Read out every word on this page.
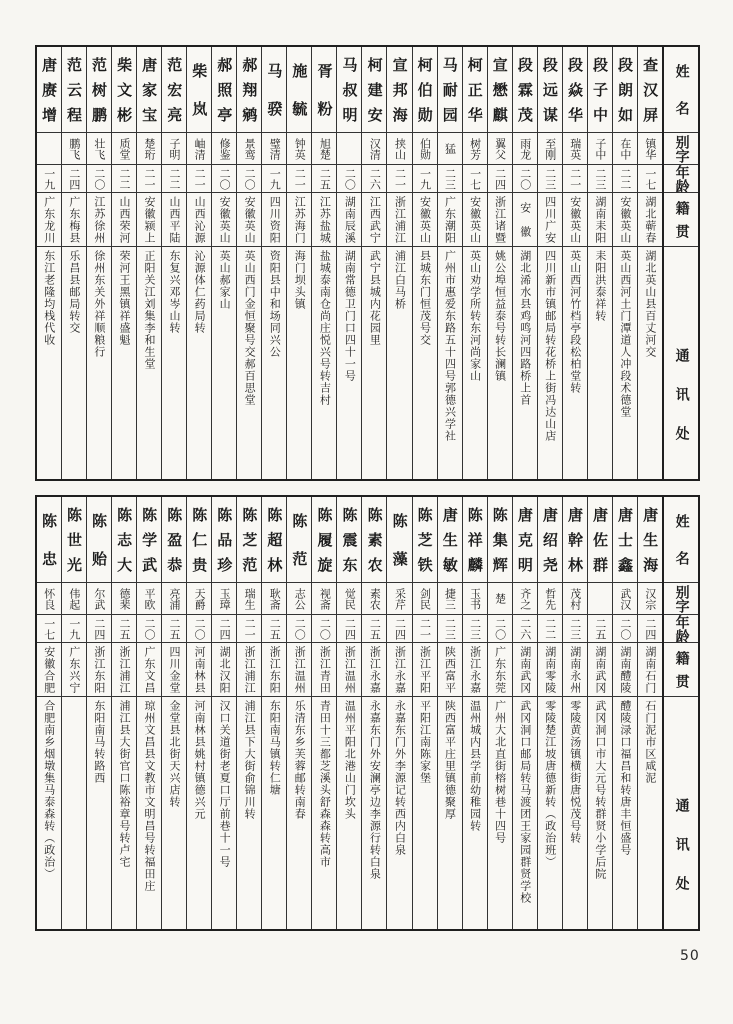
姓
名
别
字
年
龄
籍
贯
通
讯
处
查
汉
屏
镇华
一七
湖
北
蕲
春
湖北英山县百丈河交
段
朗
如
在中
二二
安
徽
英
山
英山西河土门潭道人冲段术德堂
段
子
中
子中
二三
湖
南
耒
阳
耒阳洪泰祥转
段
焱
华
瑞英
二一
安
徽
英
山
英山西河竹档亭段松柏堂转
段
远
谋
至刚
二三
四
川
广
安
四川新市镇邮局转花桥上街冯达山店
段
霖
茂
雨龙
二〇
安
徽
湖北浠水县鸡鸣河四路桥上首
宣
懋
麒
翼父
二四
浙
江
诸
暨
姚公埠恒益泰号转长澜镇
柯
正
华
树芳
一七
安
徽
英
山
英山劝学所转东河尚家山
马
耐
园
猛
二三
广
东
潮
阳
广州市惠爱东路五十四号郭德兴学社
柯
伯
勋
伯勋
一九
安
徽
英
山
县城东门恒茂号交
宣
邦
海
挟山
二一
浙
江
浦
江
浦江白马桥
柯
建
安
汉清
二六
江
西
武
宁
武宁县城内花园里
马
叔
明
二〇
湖
南
辰
溪
湖南常德卫门口四十一号
胥
粉
旭楚
二五
江
苏
盐
城
盐城泰南仓尚庄悦兴号转吉村
施
毓
钟英
二一
江
苏
海
门
海门坝头镇
马
骙
璧清
一九
四
川
资
阳
资阳县中和场同兴公
郝
翔
鹓
景鸾
二〇
安
徽
英
山
英山西门金恒聚号交郝百思堂
郝
照
亭
修鉴
二〇
安
徽
英
山
英山郝家山
柴
岚
岫清
二一
山
西
沁
源
沁源体仁药局转
范
宏
亮
子明
二二
山
西
平
陆
东复兴邓岑山转
唐
家
宝
楚珩
二一
安
徽
颍
上
正阳关江刘集李和生堂
柴
文
彬
质堂
二二
山
西
荣
河
荣河王黑镇祥盛魁
范
树
鹏
壮飞
二〇
江
苏
徐
州
徐州东关外祥顺粮行
范
云
程
鹏飞
二四
广
东
梅
县
乐昌县邮局转交
唐
赓
增
一九
广
东
龙
川
东江老隆均栈代收
姓
名
别
字
年
龄
籍
贯
通
讯
处
唐
生
海
汉宗
二四
湖
南
石
门
石门泥市区咸泥
唐
士
鑫
武汉
二〇
湖
南
醴
陵
醴陵渌口福昌和转唐丰恒盛号
唐
佐
群
二五
湖
南
武
冈
武冈洞口市大元号转群贤小学后院
唐
幹
林
茂村
二三
湖
南
永
州
零陵黄汤镇横街唐悦茂号转
唐
绍
尧
哲先
二二
湖
南
零
陵
零陵楚江坡唐德新转︵政治班︶
唐
克
明
齐之
二六
湖
南
武
冈
武冈洞口邮局转马渡团王家园群贤学校
陈
集
辉
楚
二〇
广
东
东
莞
广州大北直街榕树巷十四号
陈
祥
麟
玉书
二三
浙
江
永
嘉
温州城内县学前幼稚园转
唐
生
敏
捷三
二三
陕
西
富
平
陕西富平庄里镇德聚厚
陈
芝
铁
剑民
二一
浙
江
平
阳
平阳江南陈家堡
陈
藻
采芹
二四
浙
江
永
嘉
永嘉东门外李源记转西内白泉
陈
素
农
素农
二五
浙
江
永
嘉
永嘉东门外安澜亭边李源行转白泉
陈
震
东
觉民
二四
浙
江
温
州
温州平阳北港山门坎头
陈
履
旋
视斋
二〇
浙
江
青
田
青田十三都芝溪头舒森森转高市
陈
范
志公
二〇
浙
江
温
州
乐清东乡芙蓉邮转南春
陈
超
林
耿斋
二五
浙
江
东
阳
东阳南马镇转仁塘
陈
芝
范
瑞生
二一
浙
江
浦
江
浦江县下大街俞锦川转
陈
品
珍
玉璋
二四
湖
北
汉
阳
汉口关道街老夏口厅前巷十一号
陈
仁
贵
天爵
二〇
河
南
林
县
河南林县姚村镇德兴元
陈
盈
恭
亮浦
二五
四
川
金
堂
金堂县北街天兴店转
陈
学
武
平欧
二〇
广
东
文
昌
琼州文昌县文教市文明昌号转福田庄
陈
志
大
德棐
二五
浙
江
浦
江
浦江县大街官口陈裕章号转卢宅
陈
贻
尔武
二四
浙
江
东
阳
东阳南马转路西
陈
世
光
伟起
一九
广
东
兴
宁
陈
忠
怀良
一七
安
徽
合
肥
合肥南乡烟墩集马泰森转︵政治︶
50
